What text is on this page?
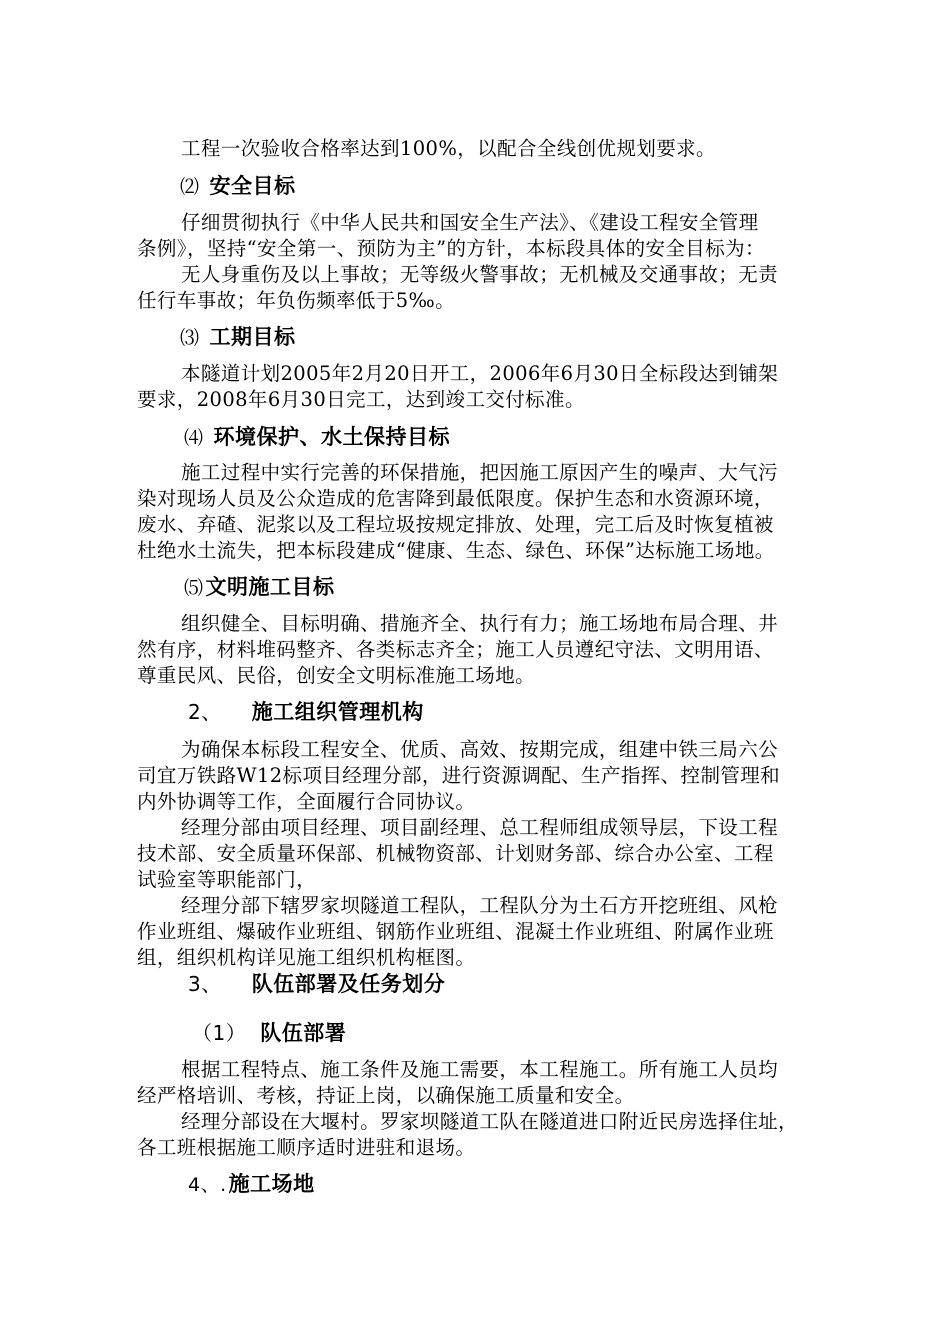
工程一次验收合格率达到100%，以配合全线创优规划要求。
⑵ 安全目标
仔细贯彻执行《中华人民共和国安全生产法》、《建设工程安全管理
条例》，坚持“安全第一、预防为主”的方针，本标段具体的安全目标为：
无人身重伤及以上事故；无等级火警事故；无机械及交通事故；无责
任行车事故；年负伤频率低于5‰。
⑶ 工期目标
本隧道计划2005年2月20日开工，2006年6月30日全标段达到铺架
要求，2008年6月30日完工，达到竣工交付标准。
⑷ 环境保护、水土保持目标
施工过程中实行完善的环保措施，把因施工原因产生的噪声、大气污
染对现场人员及公众造成的危害降到最低限度。保护生态和水资源环境，
废水、弃碴、泥浆以及工程垃圾按规定排放、处理，完工后及时恢复植被
杜绝水土流失，把本标段建成“健康、生态、绿色、环保”达标施工场地。
⑸文明施工目标
组织健全、目标明确、措施齐全、执行有力；施工场地布局合理、井
然有序，材料堆码整齐、各类标志齐全；施工人员遵纪守法、文明用语、
尊重民风、民俗，创安全文明标准施工场地。
2、 施工组织管理机构
为确保本标段工程安全、优质、高效、按期完成，组建中铁三局六公
司宜万铁路W12标项目经理分部，进行资源调配、生产指挥、控制管理和
内外协调等工作，全面履行合同协议。
经理分部由项目经理、项目副经理、总工程师组成领导层，下设工程
技术部、安全质量环保部、机械物资部、计划财务部、综合办公室、工程
试验室等职能部门，
经理分部下辖罗家坝隧道工程队，工程队分为土石方开挖班组、风枪
作业班组、爆破作业班组、钢筋作业班组、混凝土作业班组、附属作业班
组，组织机构详见施工组织机构框图。
3、 队伍部署及任务划分
（1） 队伍部署
根据工程特点、施工条件及施工需要，本工程施工。所有施工人员均
经严格培训、考核，持证上岗，以确保施工质量和安全。
经理分部设在大堰村。罗家坝隧道工队在隧道进口附近民房选择住址，
各工班根据施工顺序适时进驻和退场。
4、.施工场地
